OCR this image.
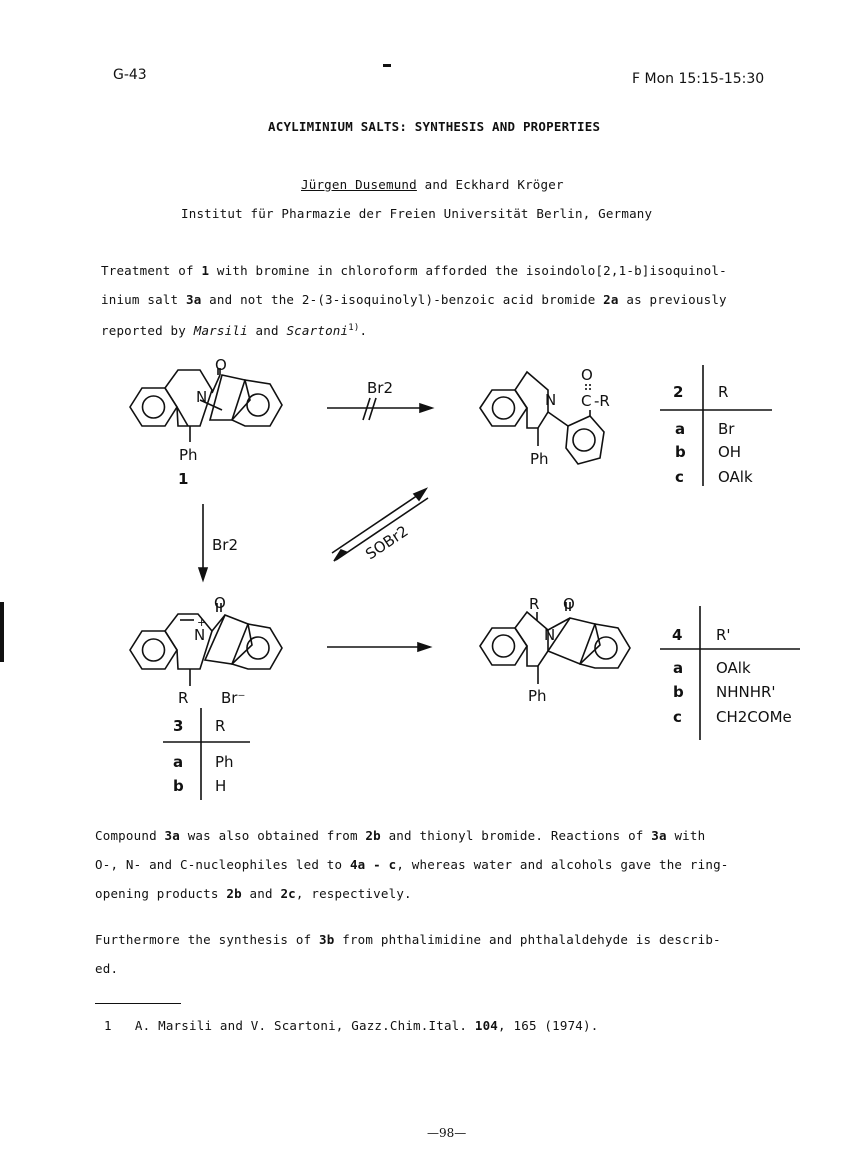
G-43	F Mon 15:15-15:30
ACYLIMINIUM SALTS: SYNTHESIS AND PROPERTIES
Jürgen Dusemund and Eckhard Kröger
Institut für Pharmazie der Freien Universität Berlin, Germany
Treatment of 1 with bromine in chloroform afforded the isoindolo[2,1-b]isoquinol-
inium salt 3a and not the 2-(3-isoquinolyl)-benzoic acid bromide 2a as previously
reported by Marsili and Scartoni$^{1)}$.
O
N
Ph
1
Br2
Br2	SOBr2
O
N C -R
Ph
2 R
a Br
b OH
c OAlk
O
N
+
R Br⁻
3 R
a Ph
b H
R O
N
Ph
4 R'
a OAlk
b NHNHR'
c CH2COMe
Compound 3a was also obtained from 2b and thionyl bromide. Reactions of 3a with
O-, N- and C-nucleophiles led to 4a - c, whereas water and alcohols gave the ring-
opening products 2b and 2c, respectively.
Furthermore the synthesis of 3b from phthalimidine and phthalaldehyde is describ-
ed.
1 A. Marsili and V. Scartoni, Gazz.Chim.Ital. 104, 165 (1974).
—98—
